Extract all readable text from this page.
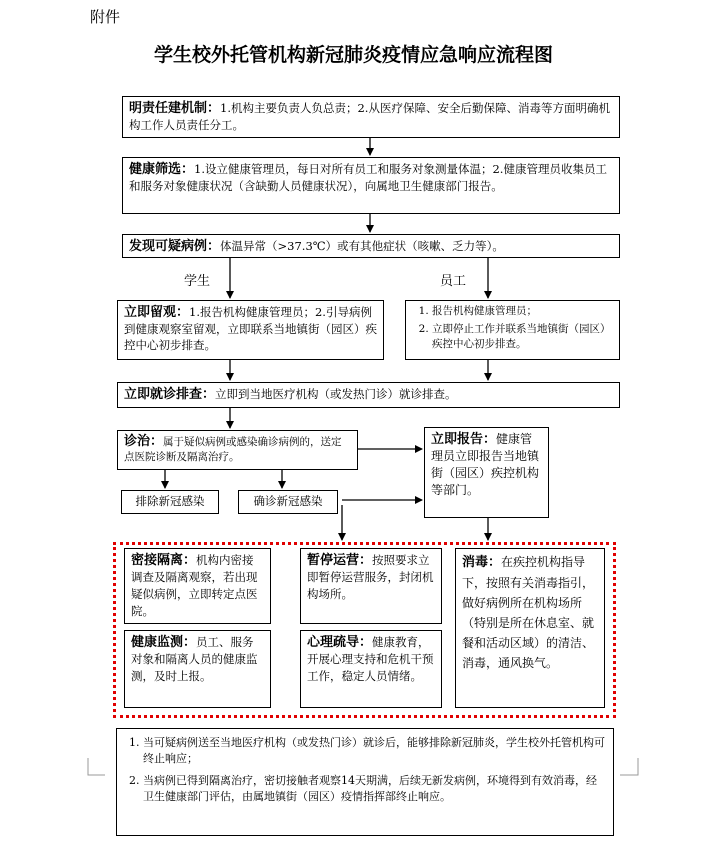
附件
学生校外托管机构新冠肺炎疫情应急响应流程图
明责任建机制：1.机构主要负责人负总责；2.从医疗保障、安全后勤保障、消毒等方面明确机构工作人员责任分工。
健康筛选：1.设立健康管理员，每日对所有员工和服务对象测量体温；2.健康管理员收集员工和服务对象健康状况（含缺勤人员健康状况），向属地卫生健康部门报告。
发现可疑病例：体温异常（>37.3℃）或有其他症状（咳嗽、乏力等）。
学生	员工
立即留观：1.报告机构健康管理员；2.引导病例到健康观察室留观，立即联系当地镇街（园区）疾控中心初步排查。
1. 报告机构健康管理员；
2. 立即停止工作并联系当地镇街（园区）疾控中心初步排查。
立即就诊排查：立即到当地医疗机构（或发热门诊）就诊排查。
诊治：属于疑似病例或感染确诊病例的，送定点医院诊断及隔离治疗。
立即报告：健康管理员立即报告当地镇街（园区）疾控机构等部门。
排除新冠感染	确诊新冠感染
密接隔离：机构内密接调查及隔离观察，若出现疑似病例，立即转定点医院。
暂停运营：按照要求立即暂停运营服务，封闭机构场所。
消毒：在疾控机构指导下，按照有关消毒指引，做好病例所在机构场所（特别是所在休息室、就餐和活动区域）的清洁、消毒，通风换气。
健康监测：员工、服务对象和隔离人员的健康监测，及时上报。
心理疏导：健康教育，开展心理支持和危机干预工作，稳定人员情绪。
1. 当可疑病例送至当地医疗机构（或发热门诊）就诊后，能够排除新冠肺炎，学生校外托管机构可终止响应；
2. 当病例已得到隔离治疗，密切接触者观察14天期满，后续无新发病例，环境得到有效消毒，经卫生健康部门评估，由属地镇街（园区）疫情指挥部终止响应。
